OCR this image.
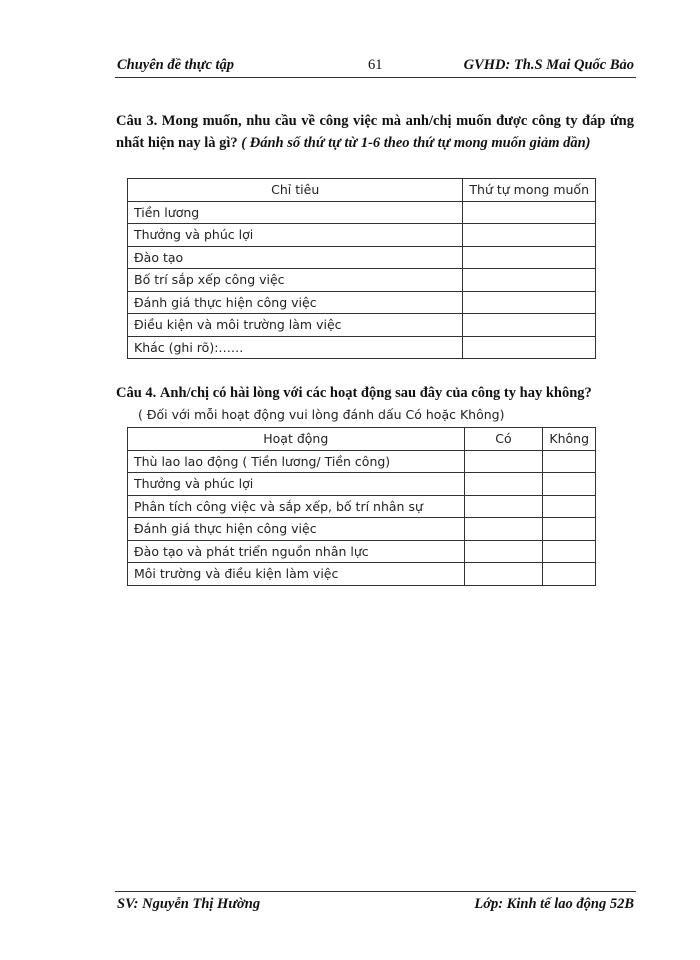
Chuyên đề thực tập	61	GVHD: Th.S Mai Quốc Bảo
Câu 3. Mong muốn, nhu cầu về công việc mà anh/chị muốn được công ty đáp ứng nhất hiện nay là gì? ( Đánh số thứ tự từ 1-6 theo thứ tự mong muốn giảm dần)
Chỉ tiêu	Thứ tự mong muốn
Tiền lương	
Thưởng và phúc lợi	
Đào tạo	
Bố trí sắp xếp công việc	
Đánh giá thực hiện công việc	
Điều kiện và môi trường làm việc	
Khác (ghi rõ):……	
Câu 4. Anh/chị có hài lòng với các hoạt động sau đây của công ty hay không?
( Đối với mỗi hoạt động vui lòng đánh dấu Có hoặc Không)
Hoạt động	Có	Không
Thù lao lao động ( Tiền lương/ Tiền công)		
Thưởng và phúc lợi		
Phân tích công việc và sắp xếp, bố trí nhân sự		
Đánh giá thực hiện công việc		
Đào tạo và phát triển nguồn nhân lực		
Môi trường và điều kiện làm việc		
SV: Nguyễn Thị Hường	Lớp: Kinh tế lao động 52B
